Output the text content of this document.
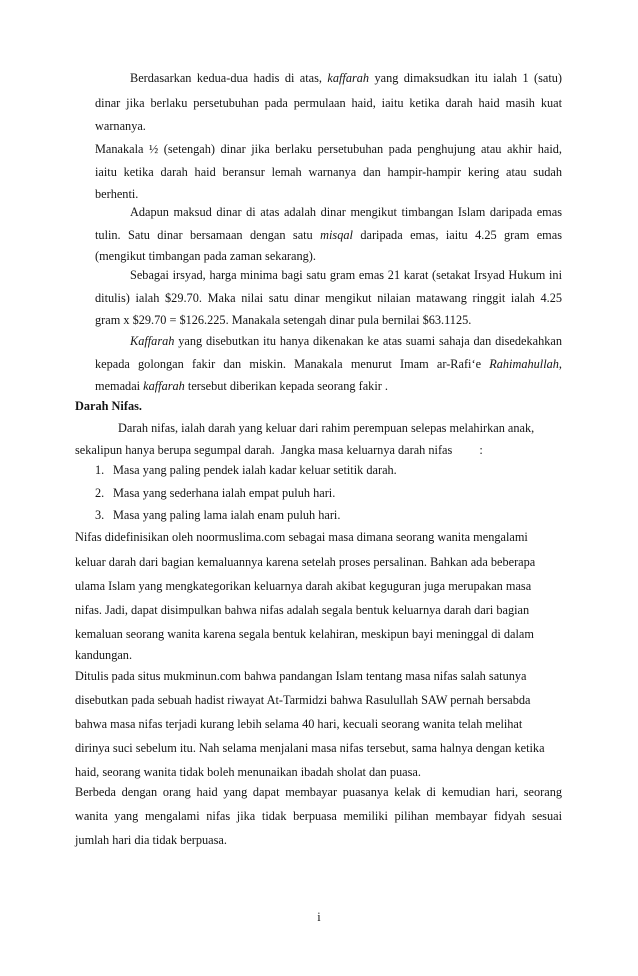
Berdasarkan kedua-dua hadis di atas, kaffarah yang dimaksudkan itu ialah 1 (satu)
dinar jika berlaku persetubuhan pada permulaan haid, iaitu ketika darah haid masih kuat
warnanya.
Manakala ½ (setengah) dinar jika berlaku persetubuhan pada penghujung atau akhir haid,
iaitu ketika darah haid beransur lemah warnanya dan hampir-hampir kering atau sudah
berhenti.
Adapun maksud dinar di atas adalah dinar mengikut timbangan Islam daripada emas
tulin. Satu dinar bersamaan dengan satu misqal daripada emas, iaitu 4.25 gram emas
(mengikut timbangan pada zaman sekarang).
Sebagai irsyad, harga minima bagi satu gram emas 21 karat (setakat Irsyad Hukum ini
ditulis) ialah $29.70. Maka nilai satu dinar mengikut nilaian matawang ringgit ialah 4.25
gram x $29.70 = $126.225. Manakala setengah dinar pula bernilai $63.1125.
Kaffarah yang disebutkan itu hanya dikenakan ke atas suami sahaja dan disedekahkan
kepada golongan fakir dan miskin. Manakala menurut Imam ar-Rafi‘e Rahimahullah,
memadai kaffarah tersebut diberikan kepada seorang fakir .
Darah Nifas.
Darah nifas, ialah darah yang keluar dari rahim perempuan selepas melahirkan anak,
sekalipun hanya berupa segumpal darah.  Jangka masa keluarnya darah nifas :
1. Masa yang paling pendek ialah kadar keluar setitik darah.
2. Masa yang sederhana ialah empat puluh hari.
3. Masa yang paling lama ialah enam puluh hari.
Nifas didefinisikan oleh noormuslima.com sebagai masa dimana seorang wanita mengalami
keluar darah dari bagian kemaluannya karena setelah proses persalinan. Bahkan ada beberapa
ulama Islam yang mengkategorikan keluarnya darah akibat keguguran juga merupakan masa
nifas. Jadi, dapat disimpulkan bahwa nifas adalah segala bentuk keluarnya darah dari bagian
kemaluan seorang wanita karena segala bentuk kelahiran, meskipun bayi meninggal di dalam
kandungan.
Ditulis pada situs mukminun.com bahwa pandangan Islam tentang masa nifas salah satunya
disebutkan pada sebuah hadist riwayat At-Tarmidzi bahwa Rasulullah SAW pernah bersabda
bahwa masa nifas terjadi kurang lebih selama 40 hari, kecuali seorang wanita telah melihat
dirinya suci sebelum itu. Nah selama menjalani masa nifas tersebut, sama halnya dengan ketika
haid, seorang wanita tidak boleh menunaikan ibadah sholat dan puasa.
Berbeda dengan orang haid yang dapat membayar puasanya kelak di kemudian hari, seorang
wanita yang mengalami nifas jika tidak berpuasa memiliki pilihan membayar fidyah sesuai
jumlah hari dia tidak berpuasa.
i
